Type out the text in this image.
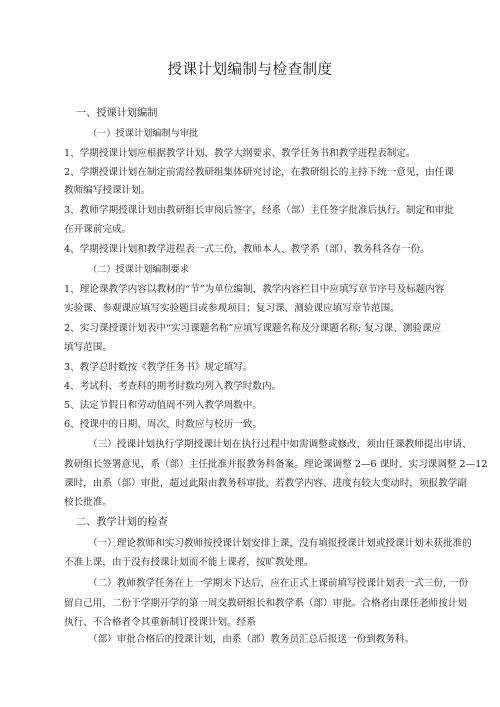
授课计划编制与检查制度
一、授课计划编制
（一）授课计划编制与审批
1、学期授课计划应根据教学计划、教学大纲要求、教学任务书和教学进程表制定。
2、学期授课计划在制定前需经教研组集体研究讨论，在教研组长的主持下统一意见，由任课
教师编写授课计划。
3、教师学期授课计划由教研组长审阅后签字，经系（部）主任签字批准后执行。制定和审批
在开课前完成。
4、学期授课计划和教学进程表一式三份，教师本人、教学系（部）、教务科各存一份。
（二）授课计划编制要求
1、理论课教学内容以教材的“节”为单位编制，教学内容栏目中应填写章节序号及标题内容
实验课、参观课应填写实验题目或参观项目；复习课、测验课应填写章节范围。
2、实习课授课计划表中“实习课题名称”应填写课题名称及分课题名称; 复习课、测验课应
填写范围。
3、教学总时数按《教学任务书》规定填写。
4、考试科、考查科的期考时数均列入教学时数内。
5、法定节假日和劳动值周不列入教学周数中。
6、授课中的日期、周次、时数应与校历一致。
（三）授课计划执行学期授课计划在执行过程中如需调整或修改，须由任课教师提出申请、
教研组长签署意见，系（部）主任批准并报教务科备案。理论课调整 2—6 课时、实习课调整 2—12
课时，由系（部）审批，超过此限由教务科审批，若教学内容、进度有较大变动时，须报教学副
校长批准。
二、教学计划的检查
（一）理论教师和实习教师按授课计划安排上课，没有填报授课计划或授课计划未获批准的
不准上课，由于没有授课计划而不能上课者，按旷教处理。
（二）教师教学任务在上一学期末下达后，应在正式上课前填写授课计划表一式三份, 一份
留自己用，二份于学期开学的第一周交教研组长和教学系（部）审批。合格者由课任老师按计划
执行、不合格者令其重新制订授课计划。经系
（部）审批合格后的授课计划，由系（部）教务员汇总后报送一份到教务科。
